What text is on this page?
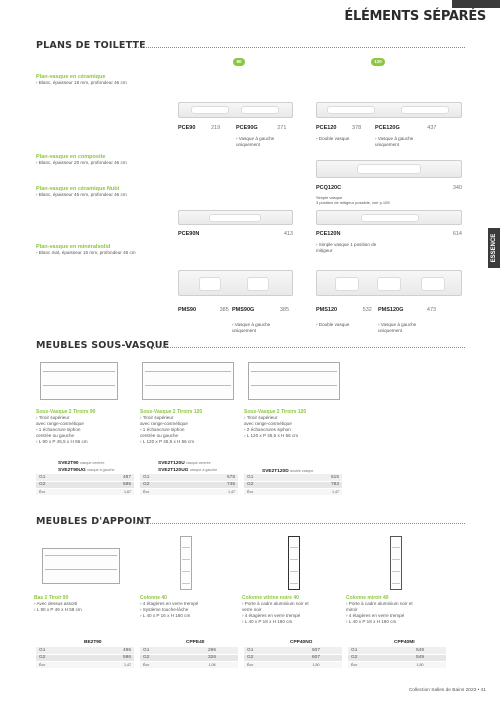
ÉLÉMENTS SÉPARÉS
ESSENCE
PLANS DE TOILETTE
90	120
Plan-vasque en céramique
› Blanc, épaisseur 18 mm, profondeur 46 cm
Plan-vasque en composite
› Blanc, épaisseur 20 mm, profondeur 46 cm
Plan-vasque en céramique Nubi
› Blanc, épaisseur 45 mm, profondeur 46 cm
Plan-vasque en minéralsolid
› Blanc mat, épaisseur 15 mm, profondeur 46 cm
PCE90	219	PCE90G	271
› Vasque à gauche uniquement
PCE120	378
› Double vasque
PCE120G	437
› Vasque à gauche uniquement
PCQ120C	340
Simple vasque
3 position de mitigeur possible, voir p.105
PCE90N	413	PCE120N	614
› Simple vasque 1 position de mitigeur
PMS90	385 PMS90G	385
› Vasque à gauche uniquement
PMS120	532
› Double vasque
PMS120G	473
› Vasque à gauche uniquement
MEUBLES SOUS-VASQUE
Sous-Vasque 2 Tiroirs 90
› Tiroir supérieur
avec range-cosmétique
› 1 échancrure siphon
centrée ou gauche
› L 90 x P 45,5 x H 56 cm
SVE2T90 vasque centrée
SVE2T90UG vasque à gauche
G1	487
G2	585
Éco	1,67
Sous-Vasque 2 Tiroirs 120
› Tiroir supérieur
avec range-cosmétique
› 1 échancrure siphon
centrée ou gauche
› L 120 x P 45,5 x H 56 cm
SVE2T120U vasque centrée
SVE2T120UG vasque à gauche
G1	578
G2	745
Éco	1,47
Sous-Vasque 2 Tiroirs 120
› Tiroir supérieur
avec range-cosmétique
› 2 échancrures siphon
› L 120 x P 45,5 x H 56 cm
SVE2T120D double vasque
G1	615
G2	783
Éco	1,47
MEUBLES D'APPOINT
Bas 2 Tiroir 90
› Avec dessus assorti
› L 90 x P 46 x H 58 cm
BE2T90
G1	496
G2	596
Éco	1,47
Colonne 40
› 4 étagères en verre trempé
› Système touche-lâche
› L 40 x P 16 x H 160 cm
CPPE40
G1	296
G2	326
Éco	1,08
Colonne vitrine noire 40
› Porte à cadre aluminium noir et
verre noir
› 4 étagères en verre trempé
› L 40 x P 18 x H 160 cm
CPP40NO
G1	607
G2	607
Éco	1,50
Colonne miroir 40
› Porte à cadre aluminium noir et
miroir
› 4 étagères en verre trempé
› L 40 x P 18 x H 160 cm
CPP40MI
G1	549
G2	549
Éco	1,50
Collection Salles de Bains 2023 • 41
